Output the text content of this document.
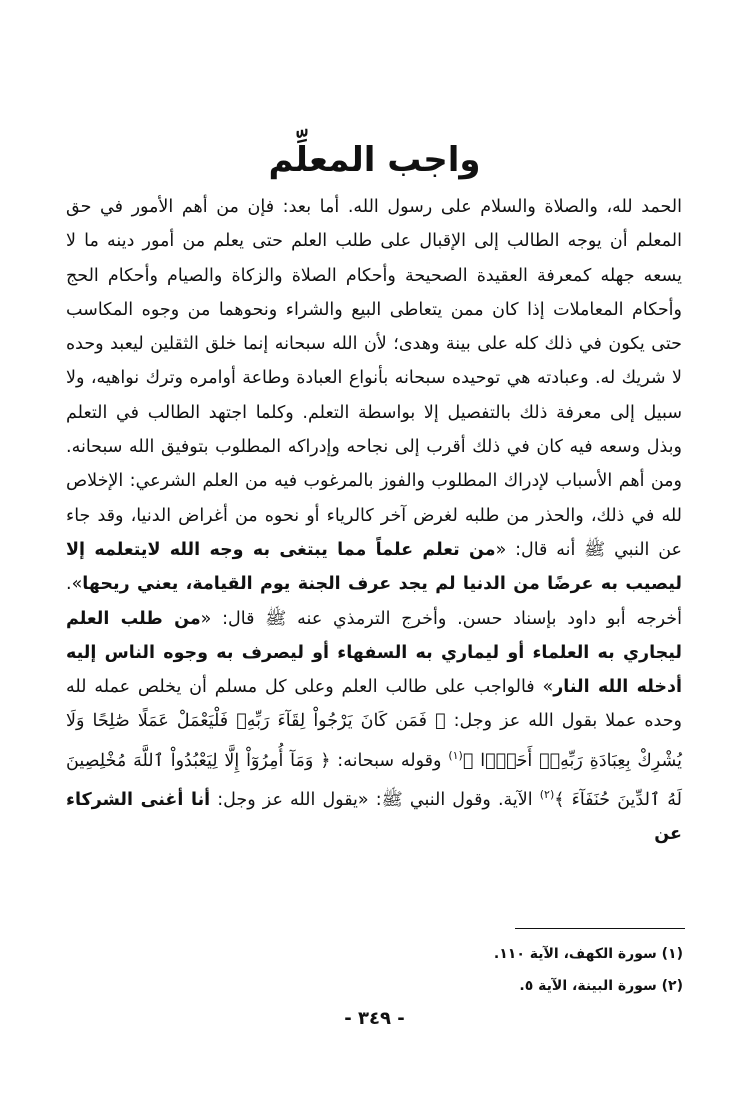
واجب المعلِّم

الحمد لله، والصلاة والسلام على رسول الله. أما بعد: فإن من أهم الأمور في حق المعلم أن يوجه الطالب إلى الإقبال على طلب العلم حتى يعلم من أمور دينه ما لا يسعه جهله كمعرفة العقيدة الصحيحة وأحكام الصلاة والزكاة والصيام وأحكام الحج وأحكام المعاملات إذا كان ممن يتعاطى البيع والشراء ونحوهما من وجوه المكاسب حتى يكون في ذلك كله على بينة وهدى؛ لأن الله سبحانه إنما خلق الثقلين ليعبد وحده لا شريك له. وعبادته هي توحيده سبحانه بأنواع العبادة وطاعة أوامره وترك نواهيه، ولا سبيل إلى معرفة ذلك بالتفصيل إلا بواسطة التعلم. وكلما اجتهد الطالب في التعلم وبذل وسعه فيه كان في ذلك أقرب إلى نجاحه وإدراكه المطلوب بتوفيق الله سبحانه. ومن أهم الأسباب لإدراك المطلوب والفوز بالمرغوب فيه من العلم الشرعي: الإخلاص لله في ذلك، والحذر من طلبه لغرض آخر كالرياء أو نحوه من أغراض الدنيا، وقد جاء عن النبي ﷺ أنه قال: «من تعلم علماً مما يبتغى به وجه الله لايتعلمه إلا ليصيب به عرضًا من الدنيا لم يجد عرف الجنة يوم القيامة، يعني ريحها». أخرجه أبو داود بإسناد حسن. وأخرج الترمذي عنه ﷺ قال: «من طلب العلم ليجاري به العلماء أو ليماري به السفهاء أو ليصرف به وجوه الناس إليه أدخله الله النار» فالواجب على طالب العلم وعلى كل مسلم أن يخلص عمله لله وحده عملا بقول الله عز وجل: ﴿ فَمَن كَانَ يَرْجُواْ لِقَآءَ رَبِّهِۦ فَلْيَعْمَلْ عَمَلًا صَٰلِحًا وَلَا يُشْرِكْ بِعِبَادَةِ رَبِّهِۦٓ أَحَدًۢا ﴾$^{(١)}$ وقوله سبحانه: ﴿ وَمَآ أُمِرُوٓاْ إِلَّا لِيَعْبُدُواْ ٱللَّهَ مُخْلِصِينَ لَهُ ٱلدِّينَ حُنَفَآءَ ﴾$^{(٢)}$ الآية. وقول النبي ﷺ: «يقول الله عز وجل: أنا أغنى الشركاء عن

(١) سورة الكهف، الآية ١١٠.
(٢) سورة البينة، الآية ٥.
- ٣٤٩ -
